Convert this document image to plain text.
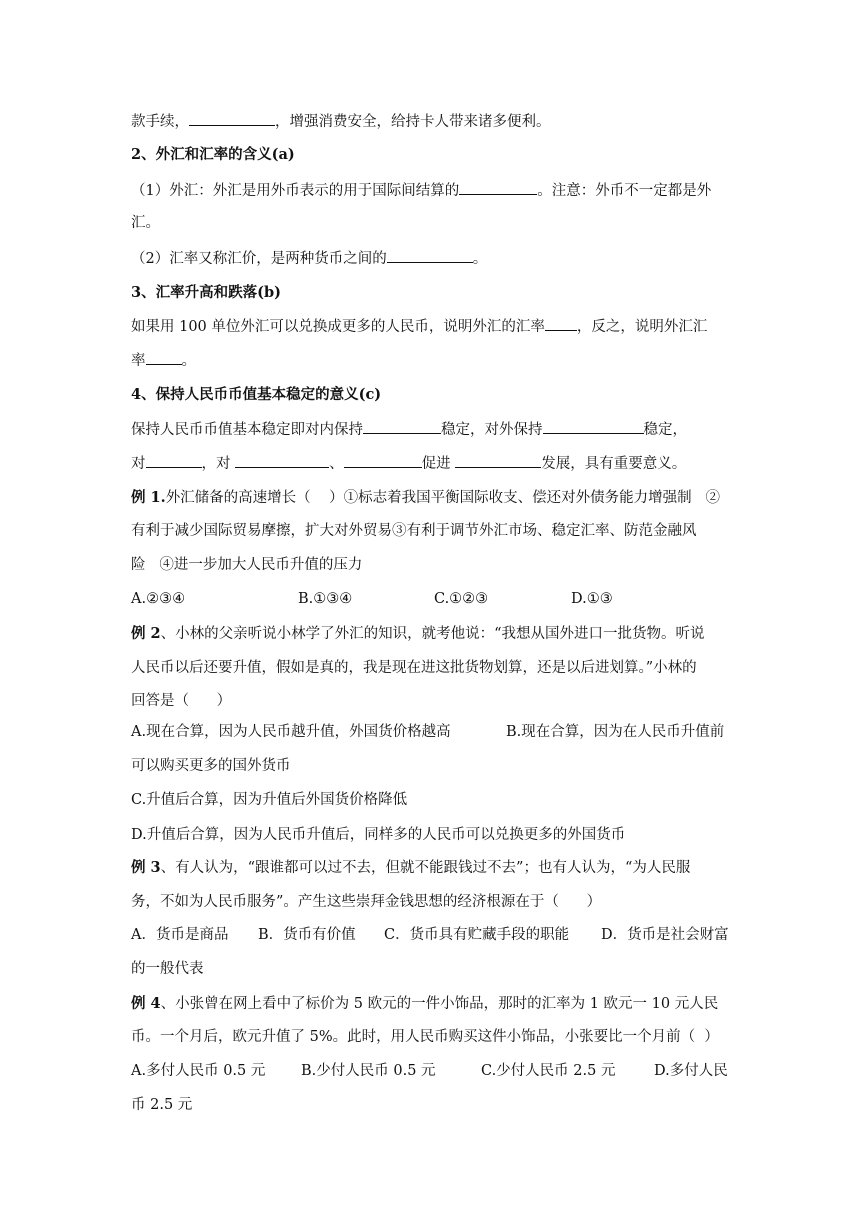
款手续，	，增强消费安全，给持卡人带来诸多便利。
2、外汇和汇率的含义(a)
（1）外汇：外汇是用外币表示的用于国际间结算的	。注意：外币不一定都是外
汇。
（2）汇率又称汇价，是两种货币之间的	。
3、汇率升高和跌落(b)
如果用 100 单位外汇可以兑换成更多的人民币，说明外汇的汇率 ，反之，说明外汇汇
率 。
4、保持人民币币值基本稳定的意义(c)
保持人民币币值基本稳定即对内保持	稳定，对外保持	稳定，
对	，对	、	促进	发展，具有重要意义。
例 1.外汇储备的高速增长（    ）①标志着我国平衡国际收支、偿还对外债务能力增强制   ②
有利于减少国际贸易摩擦，扩大对外贸易③有利于调节外汇市场、稳定汇率、防范金融风
险   ④进一步加大人民币升值的压力
A.②③④	B.①③④	C.①②③	D.①③
例 2、小林的父亲听说小林学了外汇的知识，就考他说：“我想从国外进口一批货物。听说
人民币以后还要升值，假如是真的，我是现在进这批货物划算，还是以后进划算。”小林的
回答是（      ）
A.现在合算，因为人民币越升值，外国货价格越高	B.现在合算，因为在人民币升值前
可以购买更多的国外货币
C.升值后合算，因为升值后外国货价格降低
D.升值后合算，因为人民币升值后，同样多的人民币可以兑换更多的外国货币
例 3、有人认为，“跟谁都可以过不去，但就不能跟钱过不去”；也有人认为，“为人民服
务，不如为人民币服务”。产生这些崇拜金钱思想的经济根源在于（      ）
A．货币是商品 B．货币有价值 C．货币具有贮藏手段的职能 D．货币是社会财富
的一般代表
例 4、小张曾在网上看中了标价为 5 欧元的一件小饰品，那时的汇率为 1 欧元一 10 元人民
币。一个月后，欧元升值了 5%。此时，用人民币购买这件小饰品，小张要比一个月前（  ）
A.多付人民币 0.5 元 B.少付人民币 0.5 元	C.少付人民币 2.5 元	D.多付人民
币 2.5 元
